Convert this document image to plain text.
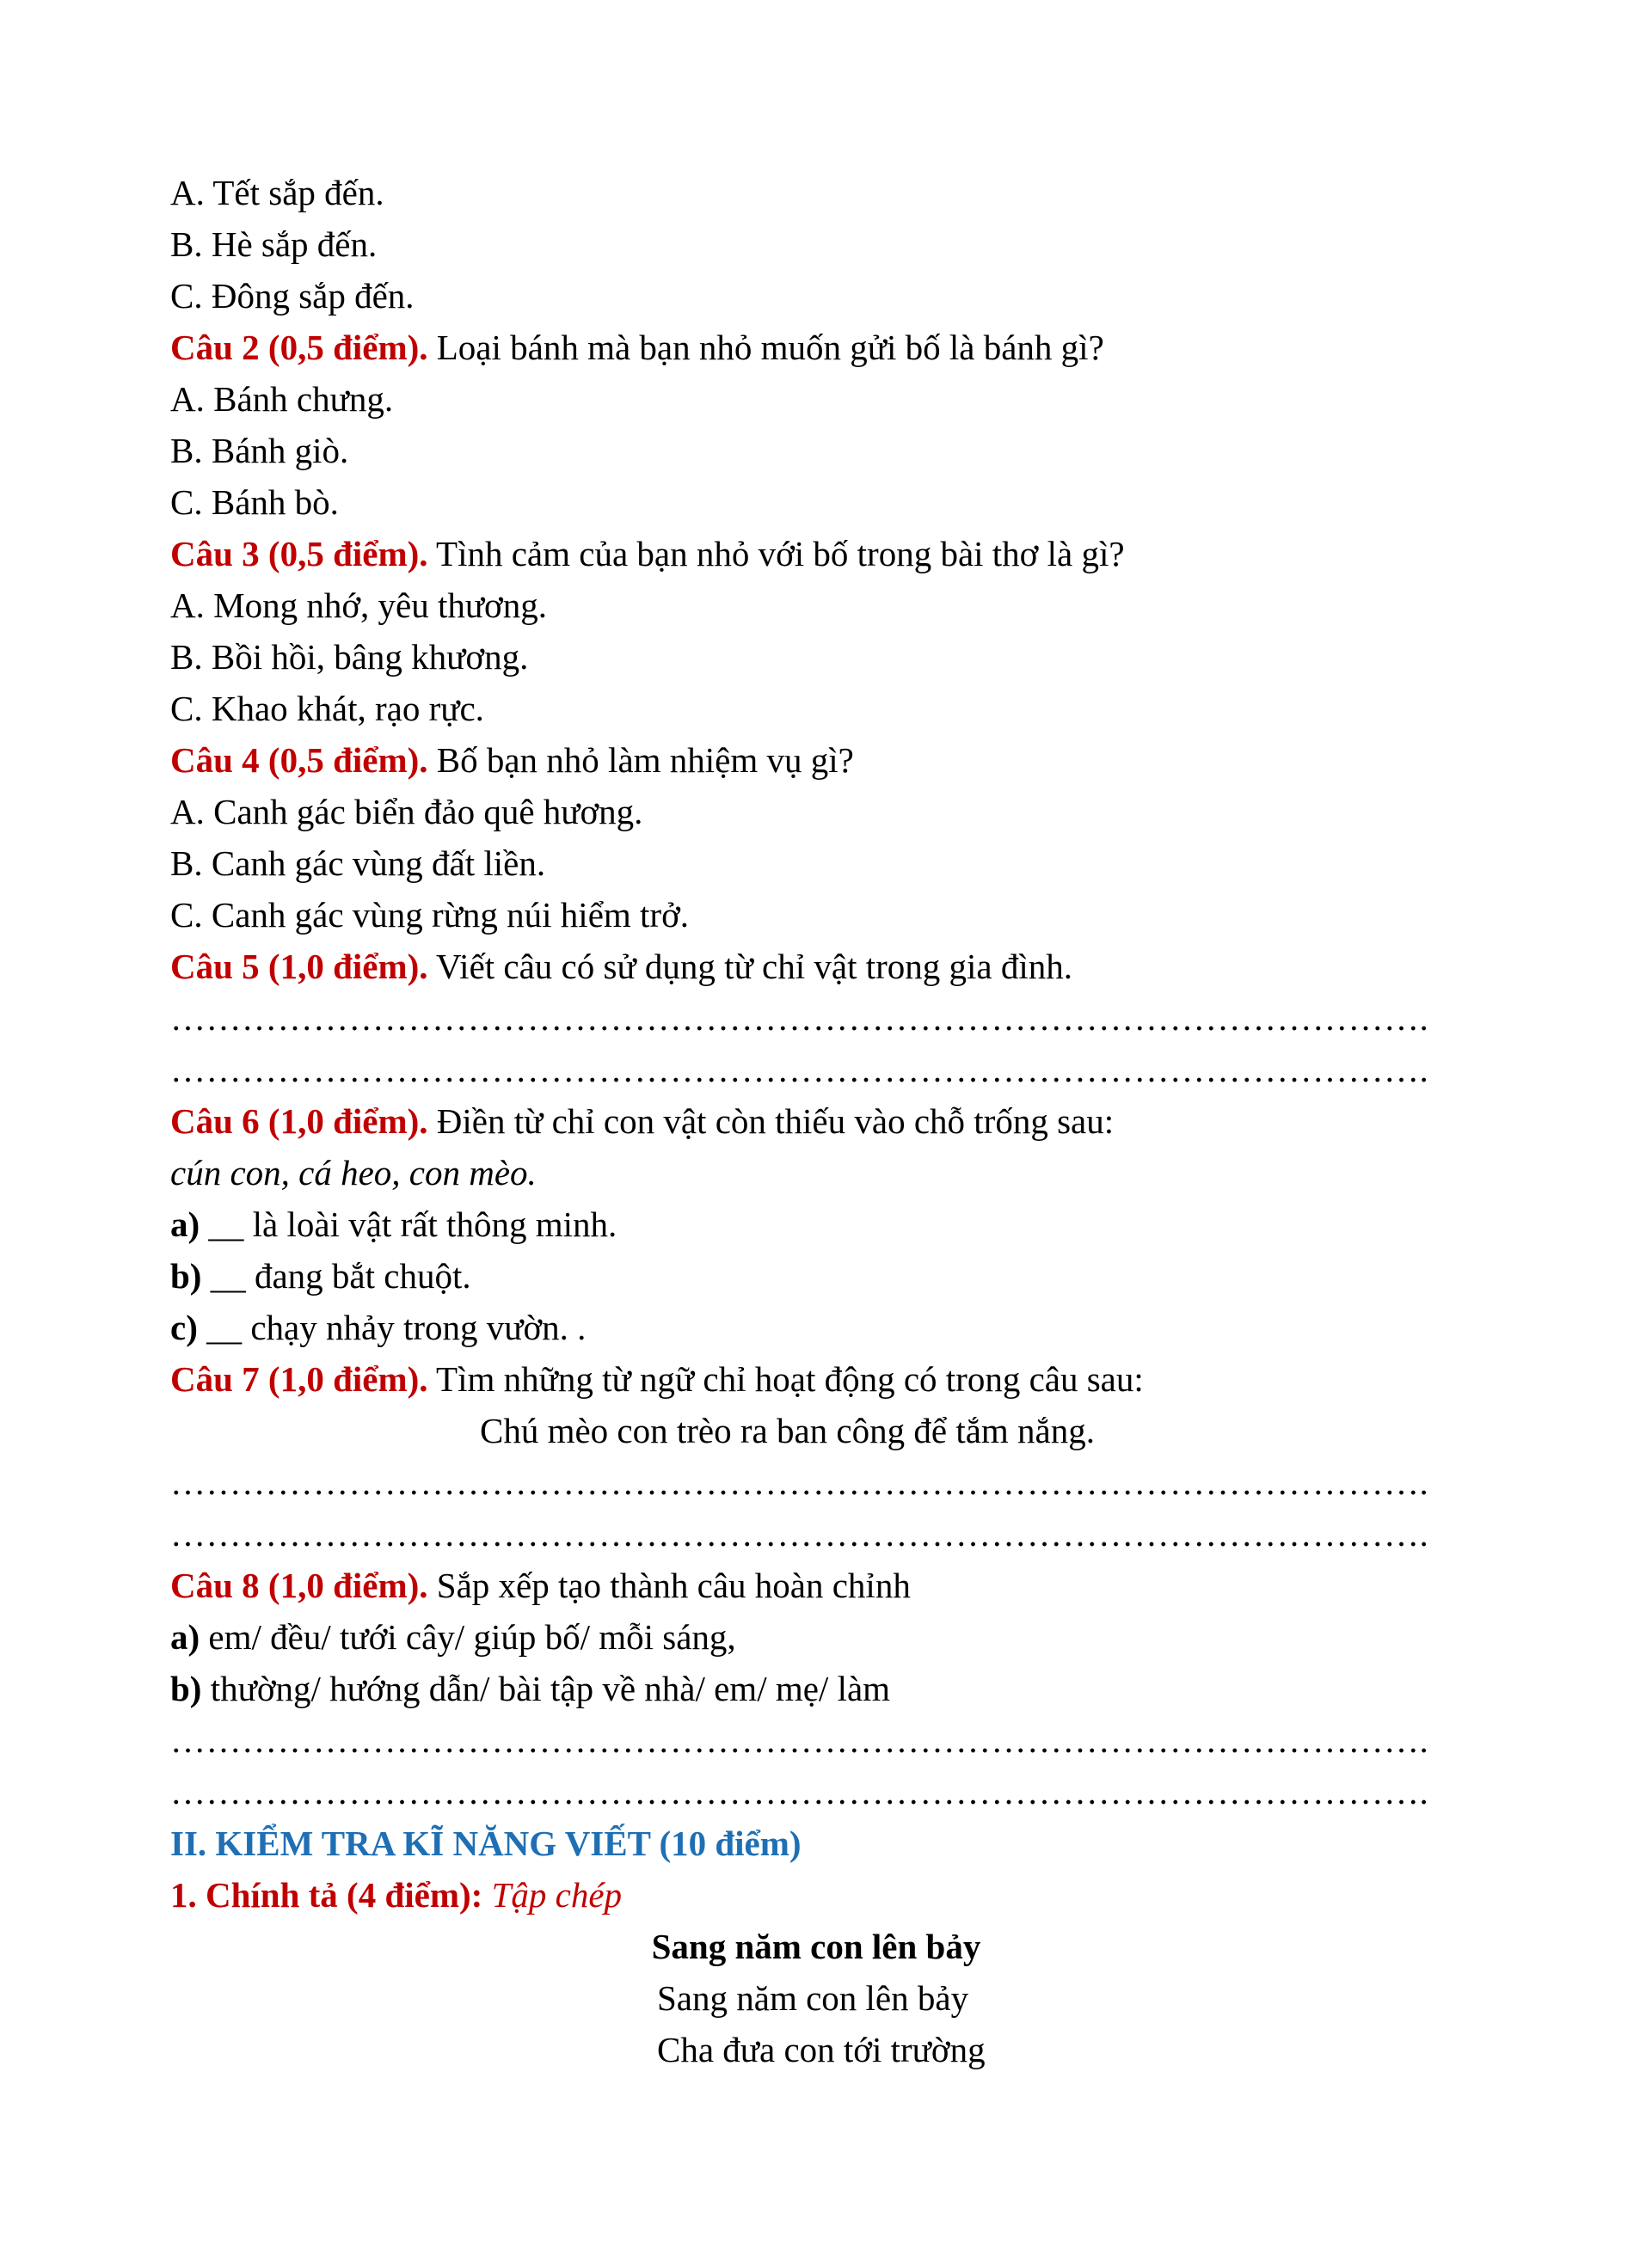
A. Tết sắp đến.
B. Hè sắp đến.
C. Đông sắp đến.
Câu 2 (0,5 điểm). Loại bánh mà bạn nhỏ muốn gửi bố là bánh gì?
A. Bánh chưng.
B. Bánh giò.
C. Bánh bò.
Câu 3 (0,5 điểm). Tình cảm của bạn nhỏ với bố trong bài thơ là gì?
A. Mong nhớ, yêu thương.
B. Bồi hồi, bâng khương.
C. Khao khát, rạo rực.
Câu 4 (0,5 điểm). Bố bạn nhỏ làm nhiệm vụ gì?
A. Canh gác biển đảo quê hương.
B. Canh gác vùng đất liền.
C. Canh gác vùng rừng núi hiểm trở.
Câu 5 (1,0 điểm). Viết câu có sử dụng từ chỉ vật trong gia đình.
…………………………………………………………………………………………….
…………………………………………………………………………………………….
Câu 6 (1,0 điểm). Điền từ chỉ con vật còn thiếu vào chỗ trống sau:
cún con, cá heo, con mèo.
a) __ là loài vật rất thông minh.
b) __ đang bắt chuột.
c) __ chạy nhảy trong vườn. .
Câu 7 (1,0 điểm). Tìm những từ ngữ chỉ hoạt động có trong câu sau:
Chú mèo con trèo ra ban công để tắm nắng.
…………………………………………………………………………………………….
…………………………………………………………………………………………….
Câu 8 (1,0 điểm). Sắp xếp tạo thành câu hoàn chỉnh
a) em/ đều/ tưới cây/ giúp bố/ mỗi sáng,
b) thường/ hướng dẫn/ bài tập về nhà/ em/ mẹ/ làm
…………………………………………………………………………………………….
…………………………………………………………………………………………….
II. KIỂM TRA KĨ NĂNG VIẾT (10 điểm)
1. Chính tả (4 điểm): Tập chép
Sang năm con lên bảy
Sang năm con lên bảy
Cha đưa con tới trường
